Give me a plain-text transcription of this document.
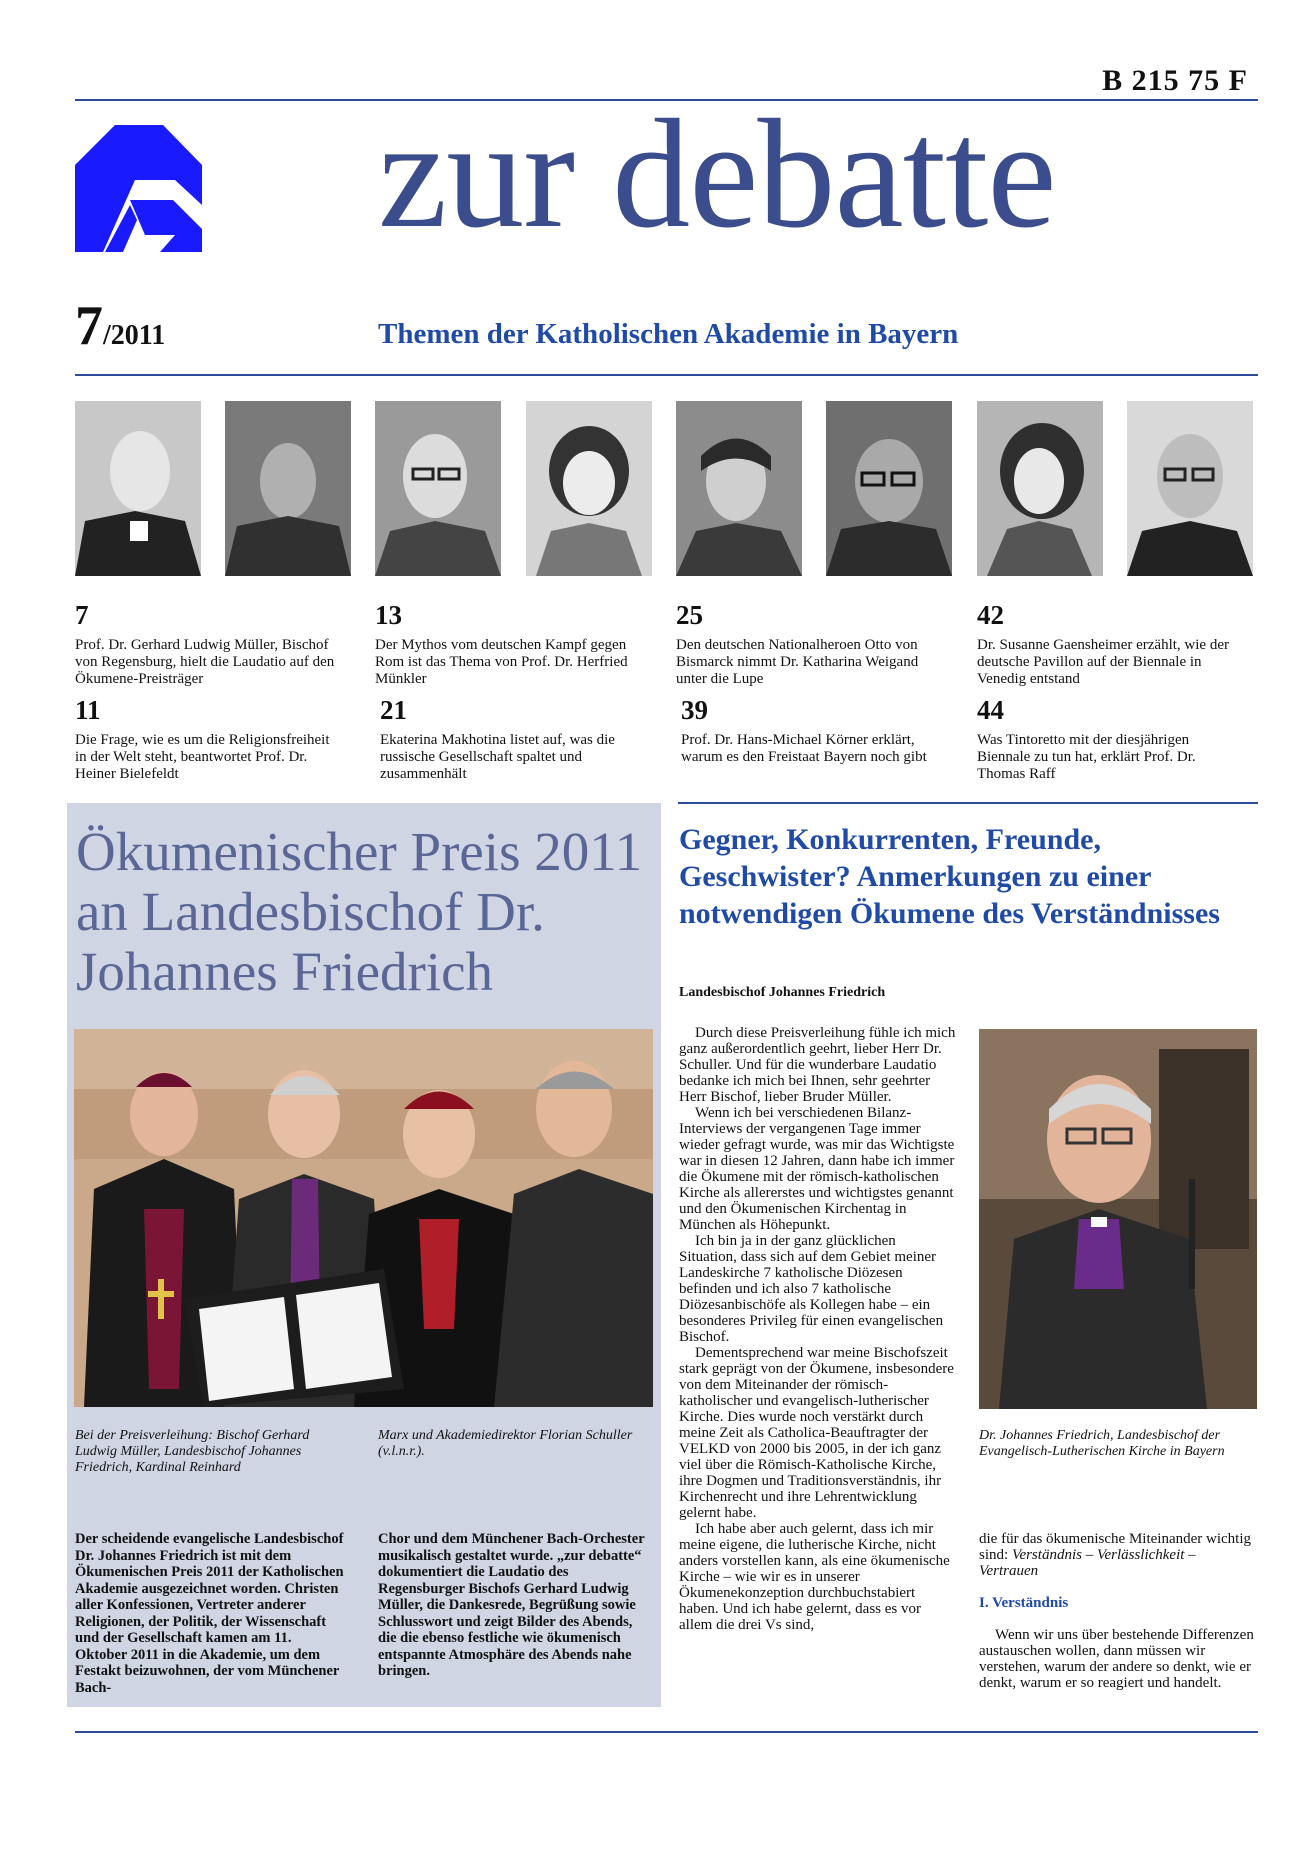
B 215 75 F
zur debatte
7/2011	Themen der Katholischen Akademie in Bayern
7
Prof. Dr. Gerhard Ludwig Müller, Bischof von Regensburg, hielt die Laudatio auf den Ökumene-Preisträger
13
Der Mythos vom deutschen Kampf gegen Rom ist das Thema von Prof. Dr. Herfried Münkler
25
Den deutschen Nationalheroen Otto von Bismarck nimmt Dr. Katharina Weigand unter die Lupe
42
Dr. Susanne Gaensheimer erzählt, wie der deutsche Pavillon auf der Biennale in Venedig entstand
11
Die Frage, wie es um die Religionsfreiheit in der Welt steht, beantwortet Prof. Dr. Heiner Bielefeldt
21
Ekaterina Makhotina listet auf, was die russische Gesellschaft spaltet und zusammenhält
39
Prof. Dr. Hans-Michael Körner erklärt, warum es den Freistaat Bayern noch gibt
44
Was Tintoretto mit der diesjährigen Biennale zu tun hat, erklärt Prof. Dr. Thomas Raff
Ökumenischer Preis 2011 an Landesbischof Dr. Johannes Friedrich
Bei der Preisverleihung: Bischof Gerhard Ludwig Müller, Landesbischof Johannes Friedrich, Kardinal Reinhard
Marx und Akademiedirektor Florian Schuller (v.l.n.r.).
Der scheidende evangelische Landesbischof Dr. Johannes Friedrich ist mit dem Ökumenischen Preis 2011 der Katholischen Akademie ausgezeichnet worden. Christen aller Konfessionen, Vertreter anderer Religionen, der Politik, der Wissenschaft und der Gesellschaft kamen am 11. Oktober 2011 in die Akademie, um dem Festakt beizuwohnen, der vom Münchener Bach-
Chor und dem Münchener Bach-Orchester musikalisch gestaltet wurde. „zur debatte“ dokumentiert die Laudatio des Regensburger Bischofs Gerhard Ludwig Müller, die Dankesrede, Begrüßung sowie Schlusswort und zeigt Bilder des Abends, die die ebenso festliche wie ökumenisch entspannte Atmosphäre des Abends nahe bringen.
Gegner, Konkurrenten, Freunde, Geschwister? Anmerkungen zu einer notwendigen Ökumene des Verständnisses
Landesbischof Johannes Friedrich

Durch diese Preisverleihung fühle ich mich ganz außerordentlich geehrt, lieber Herr Dr. Schuller. Und für die wunderbare Laudatio bedanke ich mich bei Ihnen, sehr geehrter Herr Bischof, lieber Bruder Müller.

Wenn ich bei verschiedenen Bilanz-Interviews der vergangenen Tage immer wieder gefragt wurde, was mir das Wichtigste war in diesen 12 Jahren, dann habe ich immer die Ökumene mit der römisch-katholischen Kirche als allererstes und wichtigstes genannt und den Ökumenischen Kirchentag in München als Höhepunkt.

Ich bin ja in der ganz glücklichen Situation, dass sich auf dem Gebiet meiner Landeskirche 7 katholische Diözesen befinden und ich also 7 katholische Diözesanbischöfe als Kollegen habe – ein besonderes Privileg für einen evangelischen Bischof.

Dementsprechend war meine Bischofszeit stark geprägt von der Ökumene, insbesondere von dem Miteinander der römisch-katholischer und evangelisch-lutherischer Kirche. Dies wurde noch verstärkt durch meine Zeit als Catholica-Beauftragter der VELKD von 2000 bis 2005, in der ich ganz viel über die Römisch-Katholische Kirche, ihre Dogmen und Traditionsverständnis, ihr Kirchenrecht und ihre Lehrentwicklung gelernt habe.

Ich habe aber auch gelernt, dass ich mir meine eigene, die lutherische Kirche, nicht anders vorstellen kann, als eine ökumenische Kirche – wie wir es in unserer Ökumenekonzeption durchbuchstabiert haben. Und ich habe gelernt, dass es vor allem die drei Vs sind,

Dr. Johannes Friedrich, Landesbischof der Evangelisch-Lutherischen Kirche in Bayern
die für das ökumenische Miteinander wichtig sind: Verständnis – Verlässlichkeit – Vertrauen
I. Verständnis

Wenn wir uns über bestehende Differenzen austauschen wollen, dann müssen wir verstehen, warum der andere so denkt, wie er denkt, warum er so reagiert und handelt.
